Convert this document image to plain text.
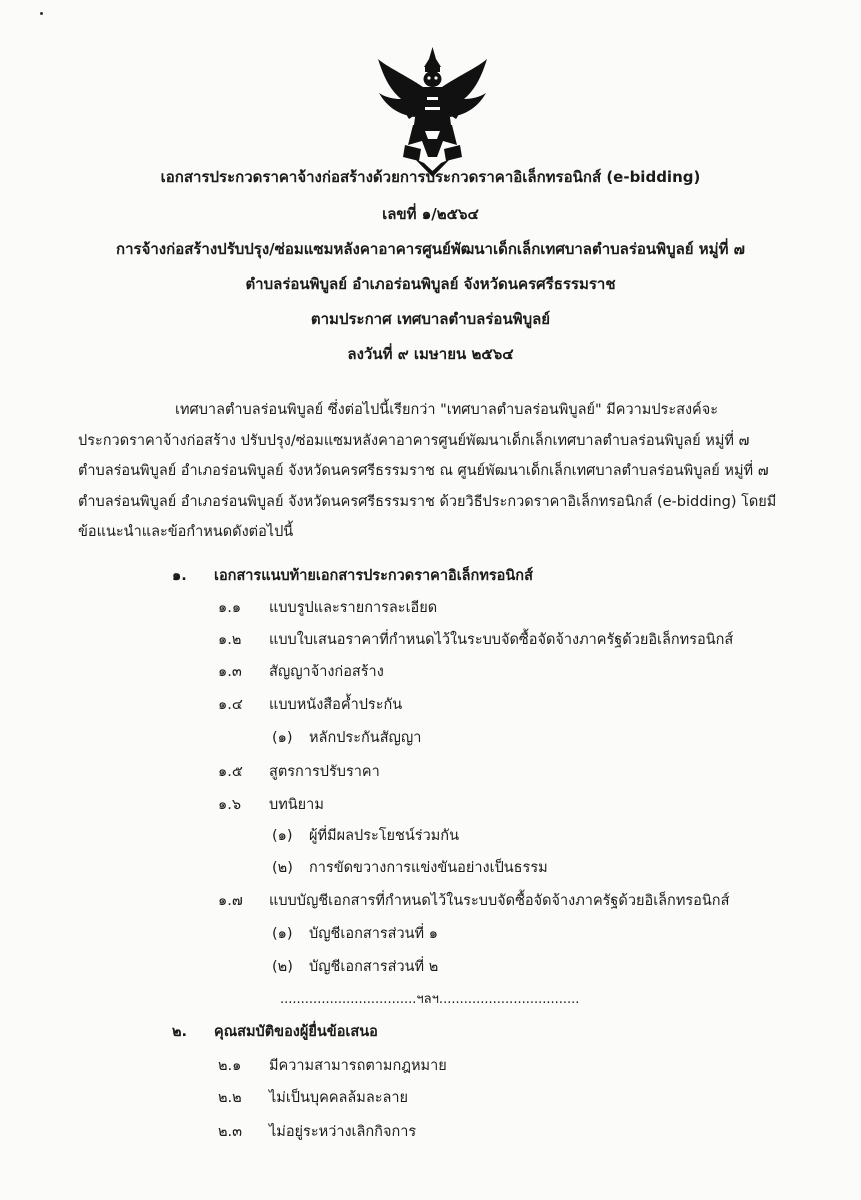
เอกสารประกวดราคาจ้างก่อสร้างด้วยการประกวดราคาอิเล็กทรอนิกส์ (e-bidding)

เลขที่ ๑/๒๕๖๔

การจ้างก่อสร้างปรับปรุง/ซ่อมแซมหลังคาอาคารศูนย์พัฒนาเด็กเล็กเทศบาลตำบลร่อนพิบูลย์ หมู่ที่ ๗

ตำบลร่อนพิบูลย์ อำเภอร่อนพิบูลย์ จังหวัดนครศรีธรรมราช

ตามประกาศ เทศบาลตำบลร่อนพิบูลย์

ลงวันที่ ๙ เมษายน ๒๕๖๔

เทศบาลตำบลร่อนพิบูลย์ ซึ่งต่อไปนี้เรียกว่า "เทศบาลตำบลร่อนพิบูลย์" มีความประสงค์จะ
ประกวดราคาจ้างก่อสร้าง ปรับปรุง/ซ่อมแซมหลังคาอาคารศูนย์พัฒนาเด็กเล็กเทศบาลตำบลร่อนพิบูลย์ หมู่ที่ ๗
ตำบลร่อนพิบูลย์ อำเภอร่อนพิบูลย์ จังหวัดนครศรีธรรมราช ณ ศูนย์พัฒนาเด็กเล็กเทศบาลตำบลร่อนพิบูลย์ หมู่ที่ ๗
ตำบลร่อนพิบูลย์ อำเภอร่อนพิบูลย์ จังหวัดนครศรีธรรมราช ด้วยวิธีประกวดราคาอิเล็กทรอนิกส์ (e-bidding) โดยมี
ข้อแนะนำและข้อกำหนดดังต่อไปนี้
๑. เอกสารแนบท้ายเอกสารประกวดราคาอิเล็กทรอนิกส์
๑.๑ แบบรูปและรายการละเอียด
๑.๒ แบบใบเสนอราคาที่กำหนดไว้ในระบบจัดซื้อจัดจ้างภาครัฐด้วยอิเล็กทรอนิกส์
๑.๓ สัญญาจ้างก่อสร้าง
๑.๔ แบบหนังสือค้ำประกัน
(๑) หลักประกันสัญญา
๑.๕ สูตรการปรับราคา
๑.๖ บทนิยาม
(๑) ผู้ที่มีผลประโยชน์ร่วมกัน
(๒) การขัดขวางการแข่งขันอย่างเป็นธรรม
๑.๗ แบบบัญชีเอกสารที่กำหนดไว้ในระบบจัดซื้อจัดจ้างภาครัฐด้วยอิเล็กทรอนิกส์
(๑) บัญชีเอกสารส่วนที่ ๑
(๒) บัญชีเอกสารส่วนที่ ๒
.................................ฯลฯ..................................
๒. คุณสมบัติของผู้ยื่นข้อเสนอ
๒.๑ มีความสามารถตามกฎหมาย
๒.๒ ไม่เป็นบุคคลล้มละลาย
๒.๓ ไม่อยู่ระหว่างเลิกกิจการ
